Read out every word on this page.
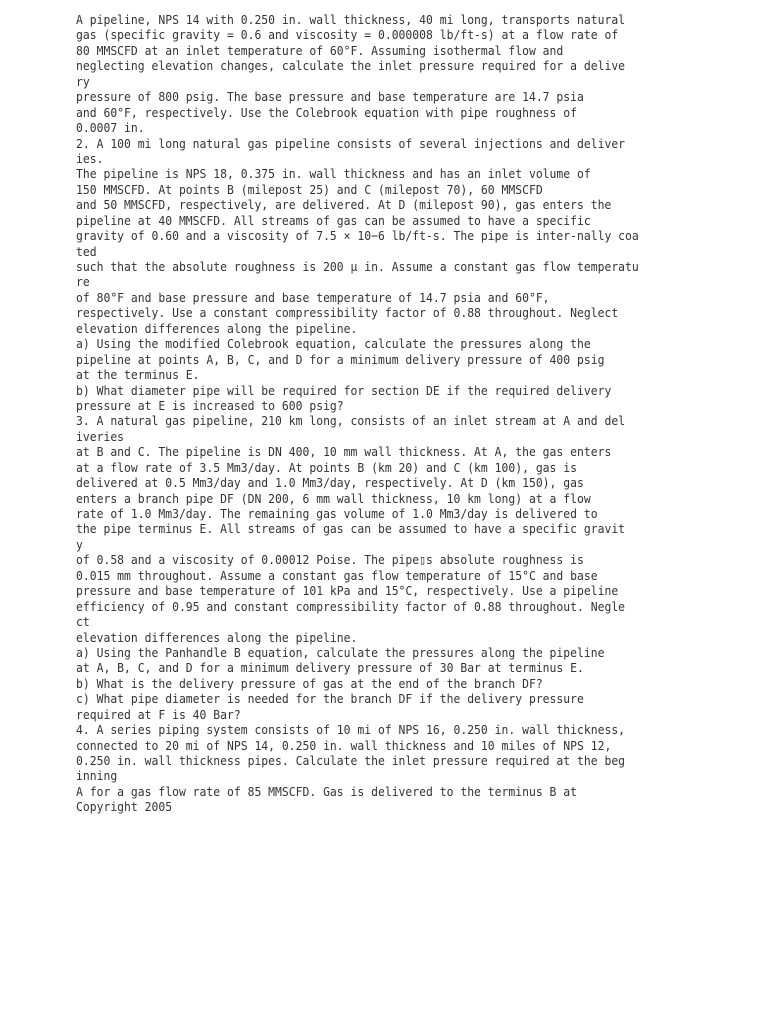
A pipeline, NPS 14 with 0.250 in. wall thickness, 40 mi long, transports natural
gas (specific gravity = 0.6 and viscosity = 0.000008 lb/ft-s) at a flow rate of
80 MMSCFD at an inlet temperature of 60°F. Assuming isothermal flow and
neglecting elevation changes, calculate the inlet pressure required for a delive
ry
pressure of 800 psig. The base pressure and base temperature are 14.7 psia
and 60°F, respectively. Use the Colebrook equation with pipe roughness of
0.0007 in.
2. A 100 mi long natural gas pipeline consists of several injections and deliver
ies.
The pipeline is NPS 18, 0.375 in. wall thickness and has an inlet volume of
150 MMSCFD. At points B (milepost 25) and C (milepost 70), 60 MMSCFD
and 50 MMSCFD, respectively, are delivered. At D (milepost 90), gas enters the
pipeline at 40 MMSCFD. All streams of gas can be assumed to have a specific
gravity of 0.60 and a viscosity of 7.5 × 10−6 lb/ft-s. The pipe is inter-nally coa
ted
such that the absolute roughness is 200 μ in. Assume a constant gas flow temperatu
re
of 80°F and base pressure and base temperature of 14.7 psia and 60°F,
respectively. Use a constant compressibility factor of 0.88 throughout. Neglect
elevation differences along the pipeline.
a) Using the modified Colebrook equation, calculate the pressures along the
pipeline at points A, B, C, and D for a minimum delivery pressure of 400 psig
at the terminus E.
b) What diameter pipe will be required for section DE if the required delivery
pressure at E is increased to 600 psig?
3. A natural gas pipeline, 210 km long, consists of an inlet stream at A and del
iveries
at B and C. The pipeline is DN 400, 10 mm wall thickness. At A, the gas enters
at a flow rate of 3.5 Mm3/day. At points B (km 20) and C (km 100), gas is
delivered at 0.5 Mm3/day and 1.0 Mm3/day, respectively. At D (km 150), gas
enters a branch pipe DF (DN 200, 6 mm wall thickness, 10 km long) at a flow
rate of 1.0 Mm3/day. The remaining gas volume of 1.0 Mm3/day is delivered to
the pipe terminus E. All streams of gas can be assumed to have a specific gravit
y
of 0.58 and a viscosity of 0.00012 Poise. The pipe▯s absolute roughness is
0.015 mm throughout. Assume a constant gas flow temperature of 15°C and base
pressure and base temperature of 101 kPa and 15°C, respectively. Use a pipeline
efficiency of 0.95 and constant compressibility factor of 0.88 throughout. Negle
ct
elevation differences along the pipeline.
a) Using the Panhandle B equation, calculate the pressures along the pipeline
at A, B, C, and D for a minimum delivery pressure of 30 Bar at terminus E.
b) What is the delivery pressure of gas at the end of the branch DF?
c) What pipe diameter is needed for the branch DF if the delivery pressure
required at F is 40 Bar?
4. A series piping system consists of 10 mi of NPS 16, 0.250 in. wall thickness,
connected to 20 mi of NPS 14, 0.250 in. wall thickness and 10 miles of NPS 12,
0.250 in. wall thickness pipes. Calculate the inlet pressure required at the beg
inning
A for a gas flow rate of 85 MMSCFD. Gas is delivered to the terminus B at
Copyright 2005
